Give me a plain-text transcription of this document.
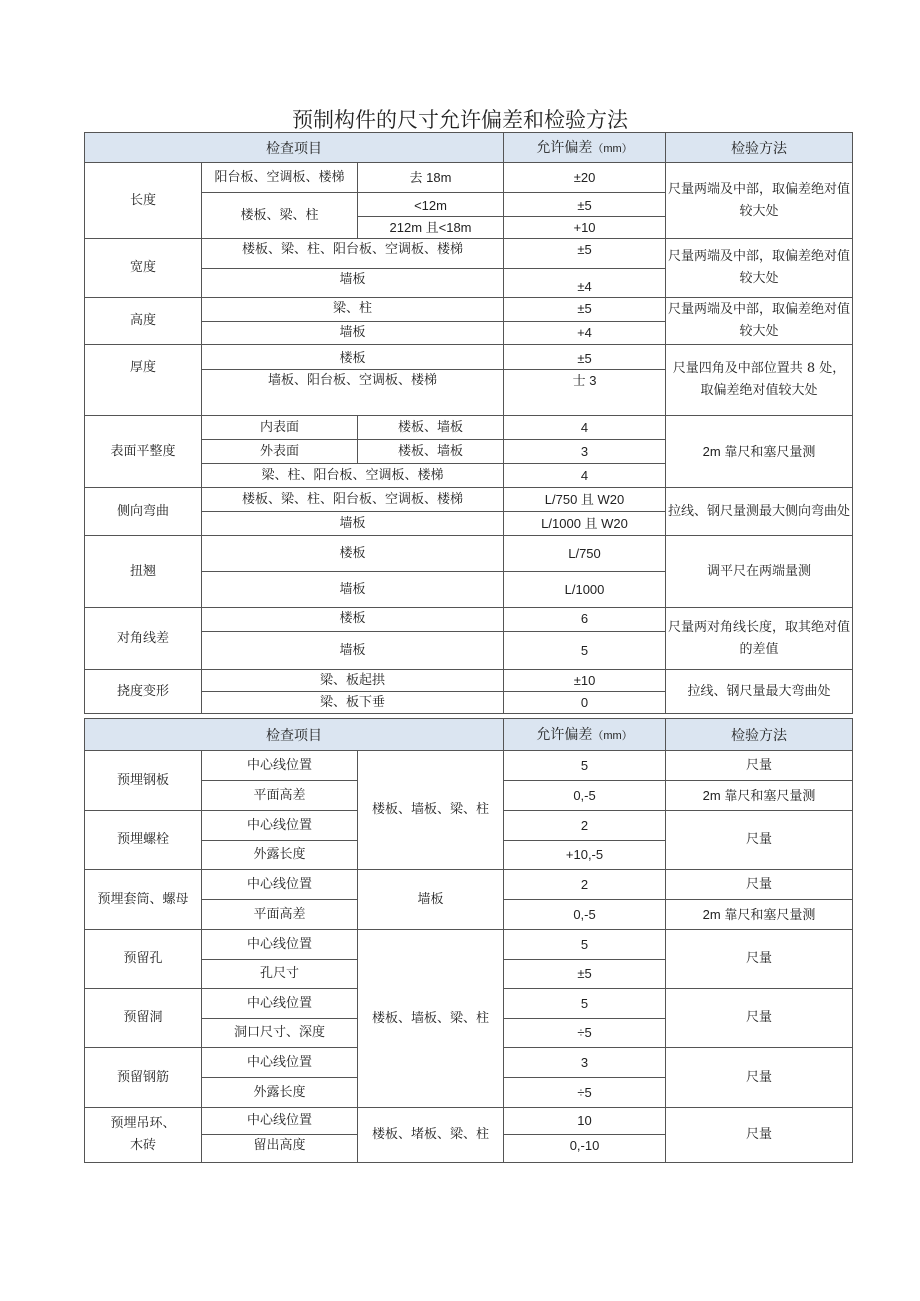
预制构件的尺寸允许偏差和检验方法
检查项目			允许偏差（mm）	检验方法
长度	阳台板、空调板、楼梯	去 18m	±20	尺量两端及中部，取偏差绝对值较大处
	楼板、梁、柱	<12m	±5	
		212m 且<18m	+10	
宽度	楼板、梁、柱、阳台板、空调板、楼梯		±5	尺量两端及中部，取偏差绝对值较大处
	墙板		±4	
高度	梁、柱		±5	尺量两端及中部，取偏差绝对值较大处
	墙板		+4	
厚度	楼板		±5	尺量四角及中部位置共 8 处，取偏差绝对值较大处
	墙板、阳台板、空调板、楼梯		士 3	
表面平整度	内表面	楼板、墙板	4	2m 靠尺和塞尺量测
	外表面	楼板、墙板	3	
	梁、柱、阳台板、空调板、楼梯		4	
侧向弯曲	楼板、梁、柱、阳台板、空调板、楼梯		L/750 且 W20	拉线、钢尺量测最大侧向弯曲处
	墙板		L/1000 且 W20	
扭翘	楼板		L/750	调平尺在两端量测
	墙板		L/1000	
对角线差	楼板		6	尺量两对角线长度，取其绝对值的差值
	墙板		5	
挠度变形	梁、板起拱		±10	拉线、钢尺量最大弯曲处
	梁、板下垂		0	
检查项目			允许偏差（mm）	检验方法
预埋钢板	中心线位置	楼板、墙板、梁、柱	5	尺量
	平面高差		0,-5	2m 靠尺和塞尺量测
预埋螺栓	中心线位置		2	尺量
	外露长度		+10,-5	
预埋套筒、螺母	中心线位置	墙板	2	尺量
	平面高差		0,-5	2m 靠尺和塞尺量测
预留孔	中心线位置	楼板、墙板、梁、柱	5	尺量
	孔尺寸		±5	
预留洞	中心线位置		5	尺量
	洞口尺寸、深度		÷5	
预留钢筋	中心线位置		3	尺量
	外露长度		÷5	
预埋吊环、
木砖	中心线位置	楼板、堵板、梁、柱	10	尺量
	留出高度		0,-10	
